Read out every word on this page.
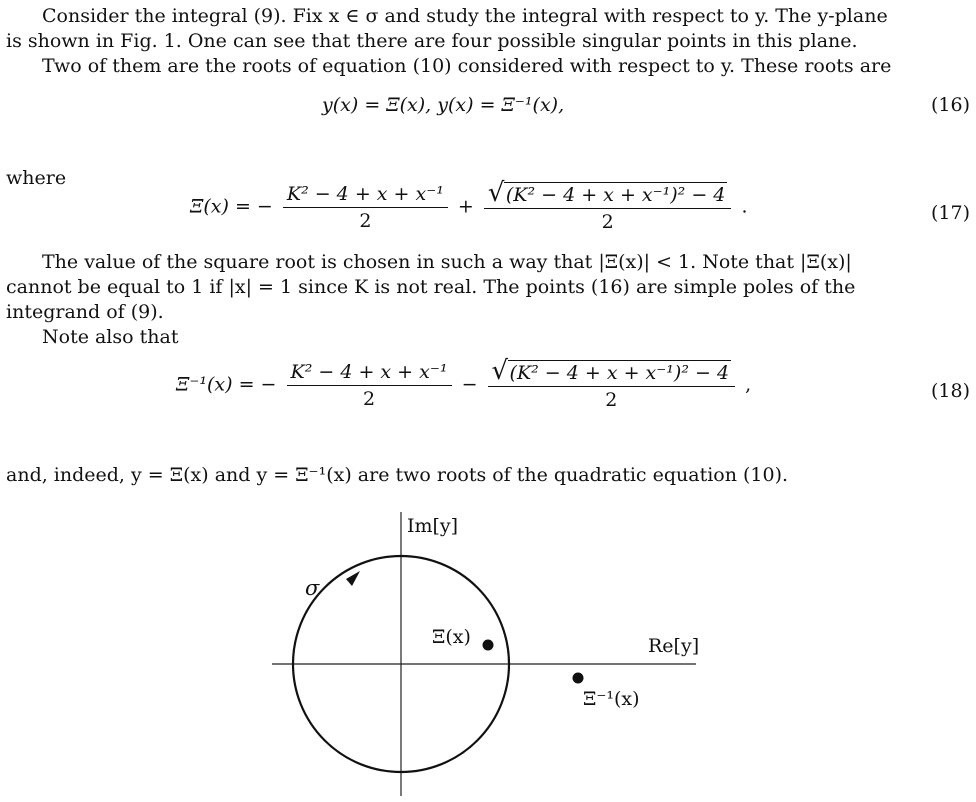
Consider the integral (9). Fix x ∈ σ and study the integral with respect to y. The y-plane
is shown in Fig. 1. One can see that there are four possible singular points in this plane.
Two of them are the roots of equation (10) considered with respect to y. These roots are
y(x) = Ξ(x), y(x) = Ξ⁻¹(x),	(16)
where
Ξ(x) = − $\frac{\text{K² − 4 + x + x⁻¹}}{2} + \frac{\text{√ (K² − 4 + x + x⁻¹)² − 4}}{2}$ .	(17)
The value of the square root is chosen in such a way that |Ξ(x)| < 1. Note that |Ξ(x)|
cannot be equal to 1 if |x| = 1 since K is not real. The points (16) are simple poles of the
integrand of (9).
Note also that
Ξ⁻¹(x) = − $\frac{\text{K² − 4 + x + x⁻¹}}{2} - \frac{\text{√ (K² − 4 + x + x⁻¹)² − 4}}{2}$ ,	(18)
and, indeed, y = Ξ(x) and y = Ξ⁻¹(x) are two roots of the quadratic equation (10).
Im[y]
Re[y]
σ
Ξ(x)
Ξ⁻¹(x)
